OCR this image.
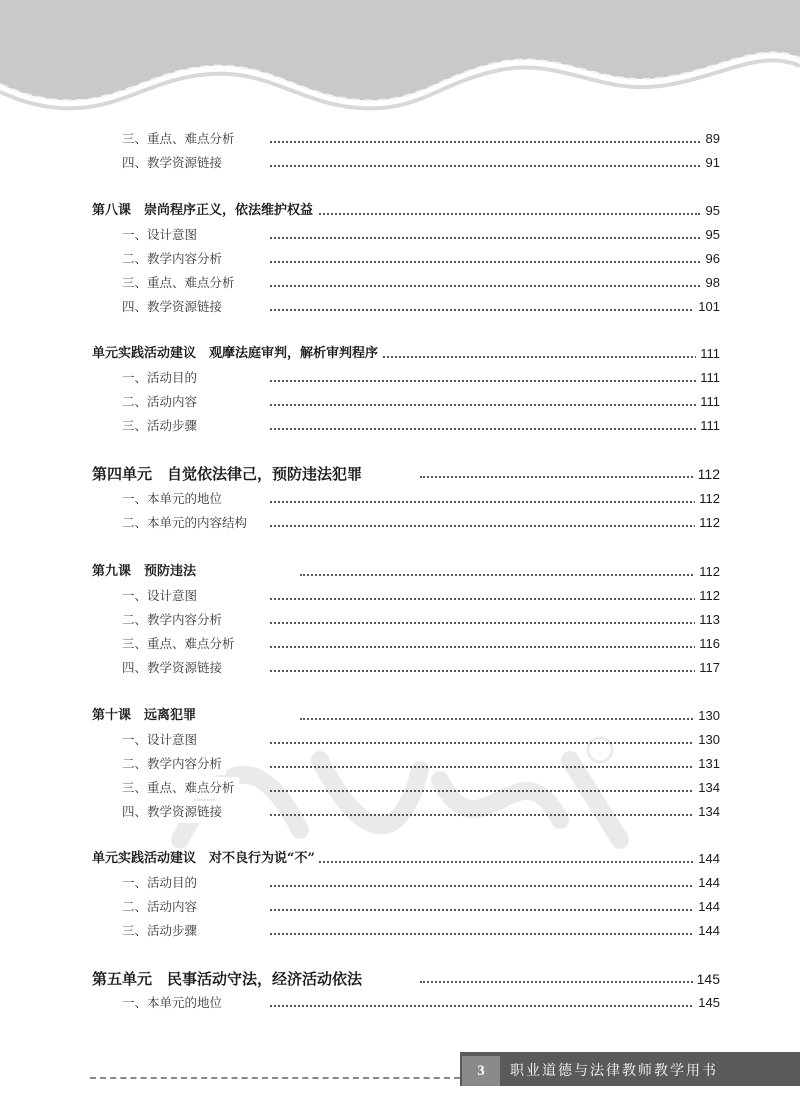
三、重点、难点分析	89
四、教学资源链接	91
第八课　崇尚程序正义，依法维护权益	95
一、设计意图	95
二、教学内容分析	96
三、重点、难点分析	98
四、教学资源链接	101
单元实践活动建议　观摩法庭审判，解析审判程序	111
一、活动目的	111
二、活动内容	111
三、活动步骤	111
第四单元　自觉依法律己，预防违法犯罪	112
一、本单元的地位	112
二、本单元的内容结构	112
第九课　预防违法	112
一、设计意图	112
二、教学内容分析	113
三、重点、难点分析	116
四、教学资源链接	117
第十课　远离犯罪	130
一、设计意图	130
二、教学内容分析	131
三、重点、难点分析	134
四、教学资源链接	134
单元实践活动建议　对不良行为说“不”	144
一、活动目的	144
二、活动内容	144
三、活动步骤	144
第五单元　民事活动守法，经济活动依法	145
一、本单元的地位	145
3	职业道德与法律教师教学用书
